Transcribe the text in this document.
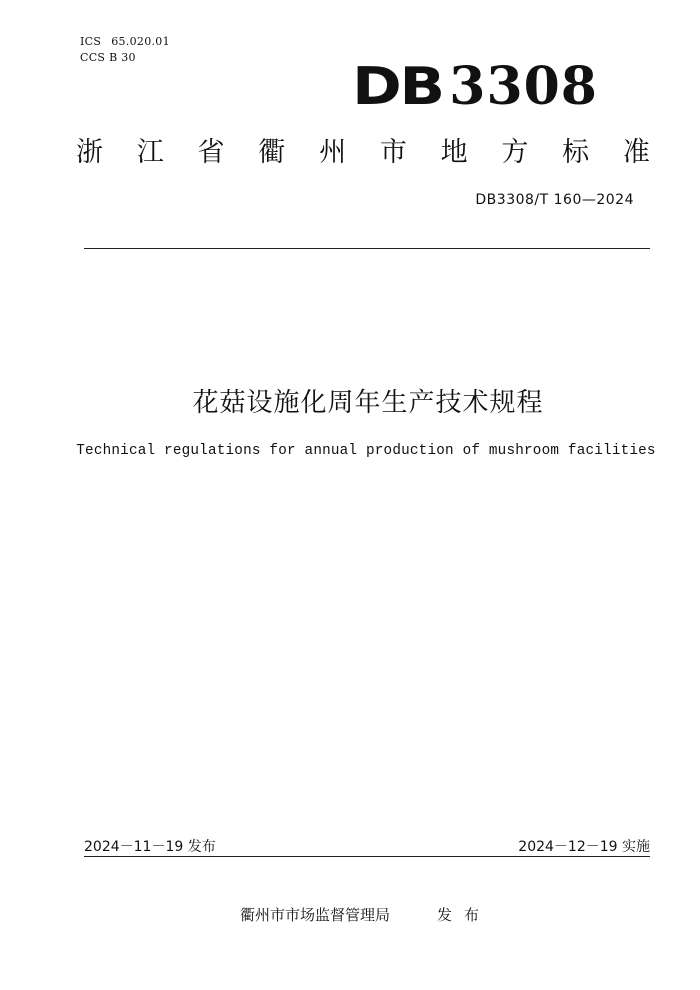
ICS 65.020.01
CCS B 30	DB 3308
浙 江 省 衢 州 市 地 方 标 准
DB3308/T 160—2024
花菇设施化周年生产技术规程
Technical regulations for annual production of mushroom facilities
2024－11－19 发布	2024－12－19 实施
衢州市市场监督管理局	发布
